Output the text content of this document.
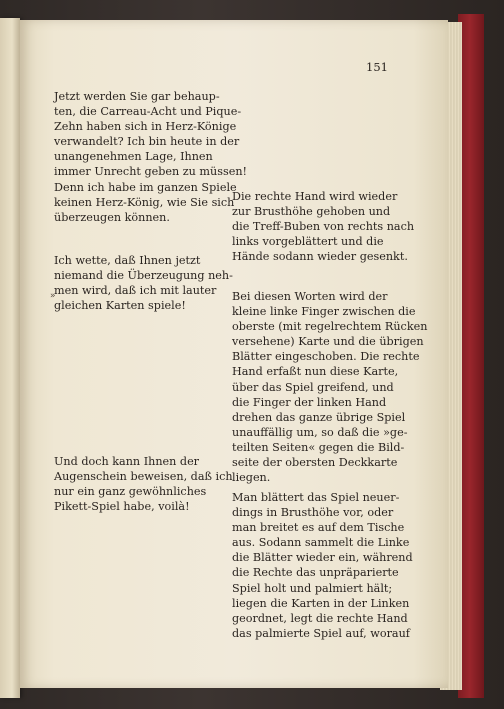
151
Jetzt werden Sie gar behaup-
ten, die Carreau-Acht und Pique-
Zehn haben sich in Herz-Könige
verwandelt? Ich bin heute in der
unangenehmen Lage, Ihnen
immer Unrecht geben zu müssen!
Denn ich habe im ganzen Spiele
keinen Herz-König, wie Sie sich
überzeugen können.
Ich wette, daß Ihnen jetzt
niemand die Überzeugung neh-
men wird, daß ich mit lauter
gleichen Karten spiele!
Und doch kann Ihnen der
Augenschein beweisen, daß ich
nur ein ganz gewöhnliches
Pikett-Spiel habe, voilà!
Die rechte Hand wird wieder
zur Brusthöhe gehoben und
die Treff-Buben von rechts nach
links vorgeblättert und die
Hände sodann wieder gesenkt.
Bei diesen Worten wird der
kleine linke Finger zwischen die
oberste (mit regelrechtem Rücken
versehene) Karte und die übrigen
Blätter eingeschoben. Die rechte
Hand erfaßt nun diese Karte,
über das Spiel greifend, und
die Finger der linken Hand
drehen das ganze übrige Spiel
unauffällig um, so daß die »ge-
teilten Seiten« gegen die Bild-
seite der obersten Deckkarte
liegen.
Man blättert das Spiel neuer-
dings in Brusthöhe vor, oder
man breitet es auf dem Tische
aus. Sodann sammelt die Linke
die Blätter wieder ein, während
die Rechte das unpräparierte
Spiel holt und palmiert hält;
liegen die Karten in der Linken
geordnet, legt die rechte Hand
das palmierte Spiel auf, worauf
»
